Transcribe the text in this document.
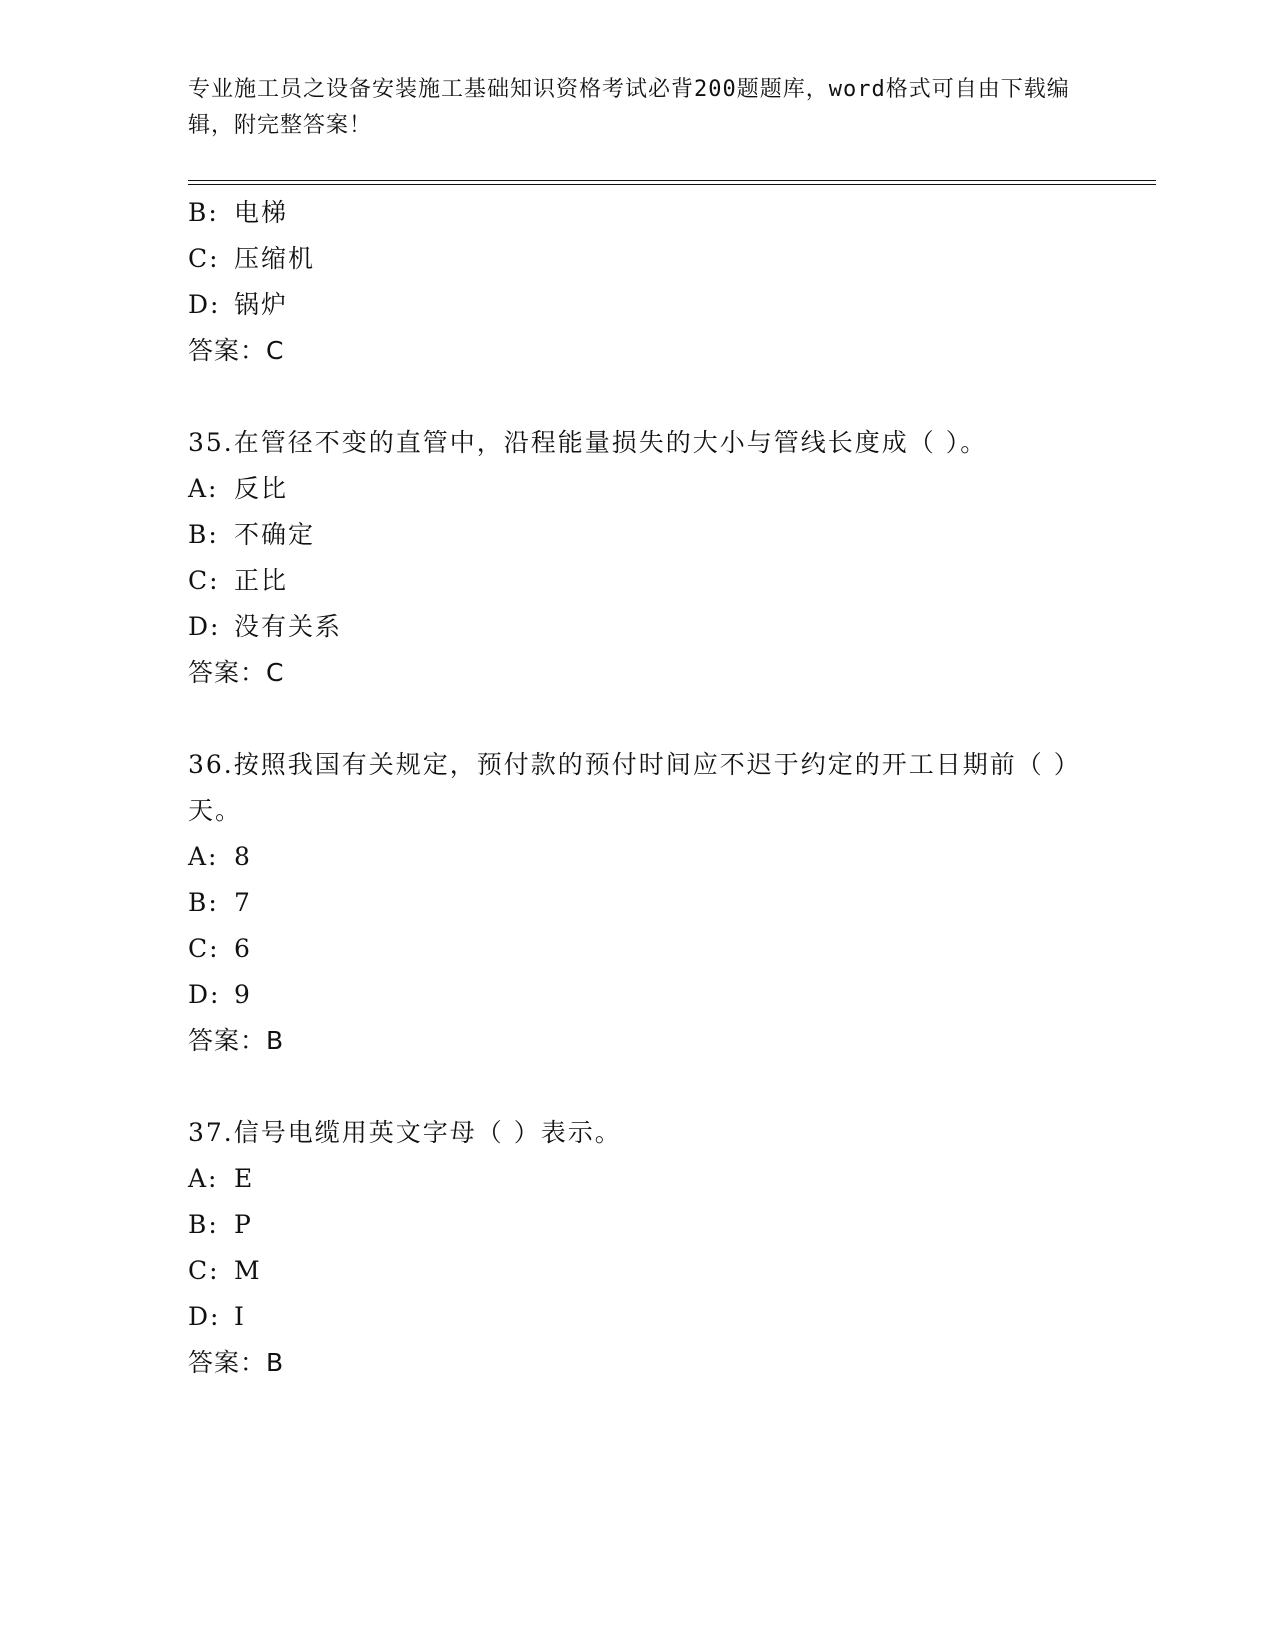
专业施工员之设备安装施工基础知识资格考试必背200题题库，word格式可自由下载编辑，附完整答案！
B: 电梯
C: 压缩机
D: 锅炉
答案：C
35.在管径不变的直管中，沿程能量损失的大小与管线长度成（ ）。
A: 反比
B: 不确定
C: 正比
D: 没有关系
答案：C
36.按照我国有关规定，预付款的预付时间应不迟于约定的开工日期前（ ）天。
A: 8
B: 7
C: 6
D: 9
答案：B
37.信号电缆用英文字母（ ）表示。
A: E
B: P
C: M
D: I
答案：B
